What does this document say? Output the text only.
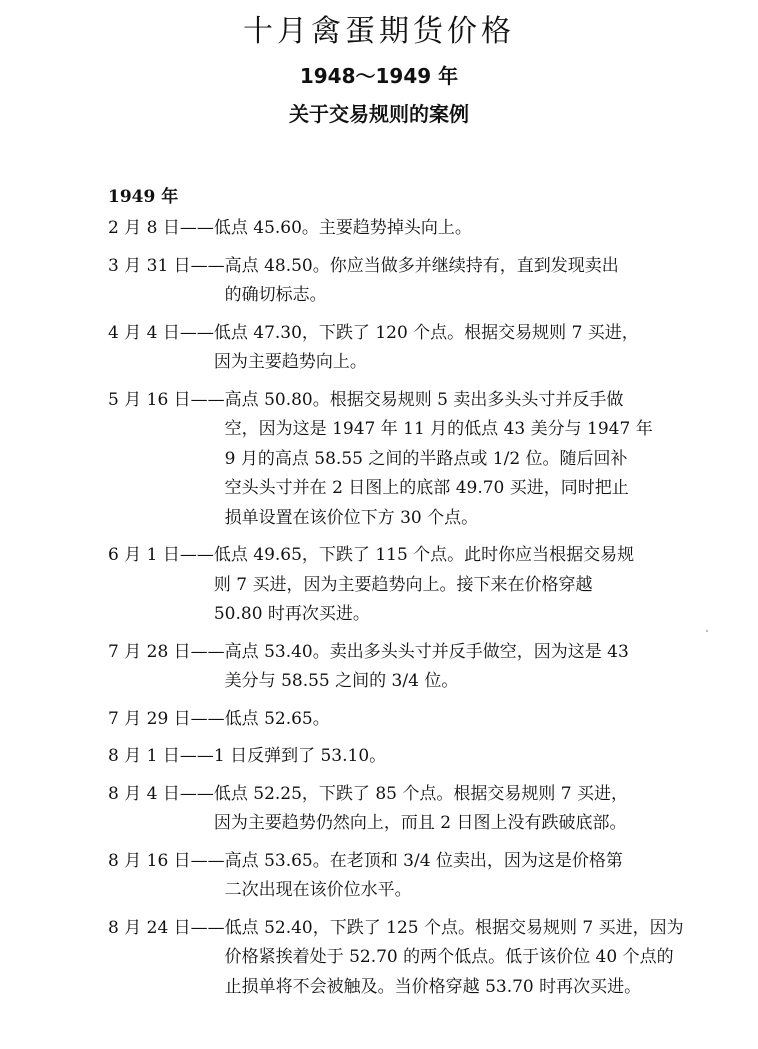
十月禽蛋期货价格
1948～1949 年
关于交易规则的案例
1949 年
2 月 8 日—— 低点 45.60。主要趋势掉头向上。
3 月 31 日—— 高点 48.50。你应当做多并继续持有，直到发现卖出
的确切标志。
4 月 4 日—— 低点 47.30，下跌了 120 个点。根据交易规则 7 买进，
因为主要趋势向上。
5 月 16 日—— 高点 50.80。根据交易规则 5 卖出多头头寸并反手做
空，因为这是 1947 年 11 月的低点 43 美分与 1947 年
9 月的高点 58.55 之间的半路点或 1/2 位。随后回补
空头头寸并在 2 日图上的底部 49.70 买进，同时把止
损单设置在该价位下方 30 个点。
6 月 1 日—— 低点 49.65，下跌了 115 个点。此时你应当根据交易规
则 7 买进，因为主要趋势向上。接下来在价格穿越
50.80 时再次买进。
7 月 28 日—— 高点 53.40。卖出多头头寸并反手做空，因为这是 43
美分与 58.55 之间的 3/4 位。
7 月 29 日—— 低点 52.65。
8 月 1 日—— 1 日反弹到了 53.10。
8 月 4 日—— 低点 52.25，下跌了 85 个点。根据交易规则 7 买进，
因为主要趋势仍然向上，而且 2 日图上没有跌破底部。
8 月 16 日—— 高点 53.65。在老顶和 3/4 位卖出，因为这是价格第
二次出现在该价位水平。
8 月 24 日—— 低点 52.40，下跌了 125 个点。根据交易规则 7 买进，因为
价格紧挨着处于 52.70 的两个低点。低于该价位 40 个点的
止损单将不会被触及。当价格穿越 53.70 时再次买进。
